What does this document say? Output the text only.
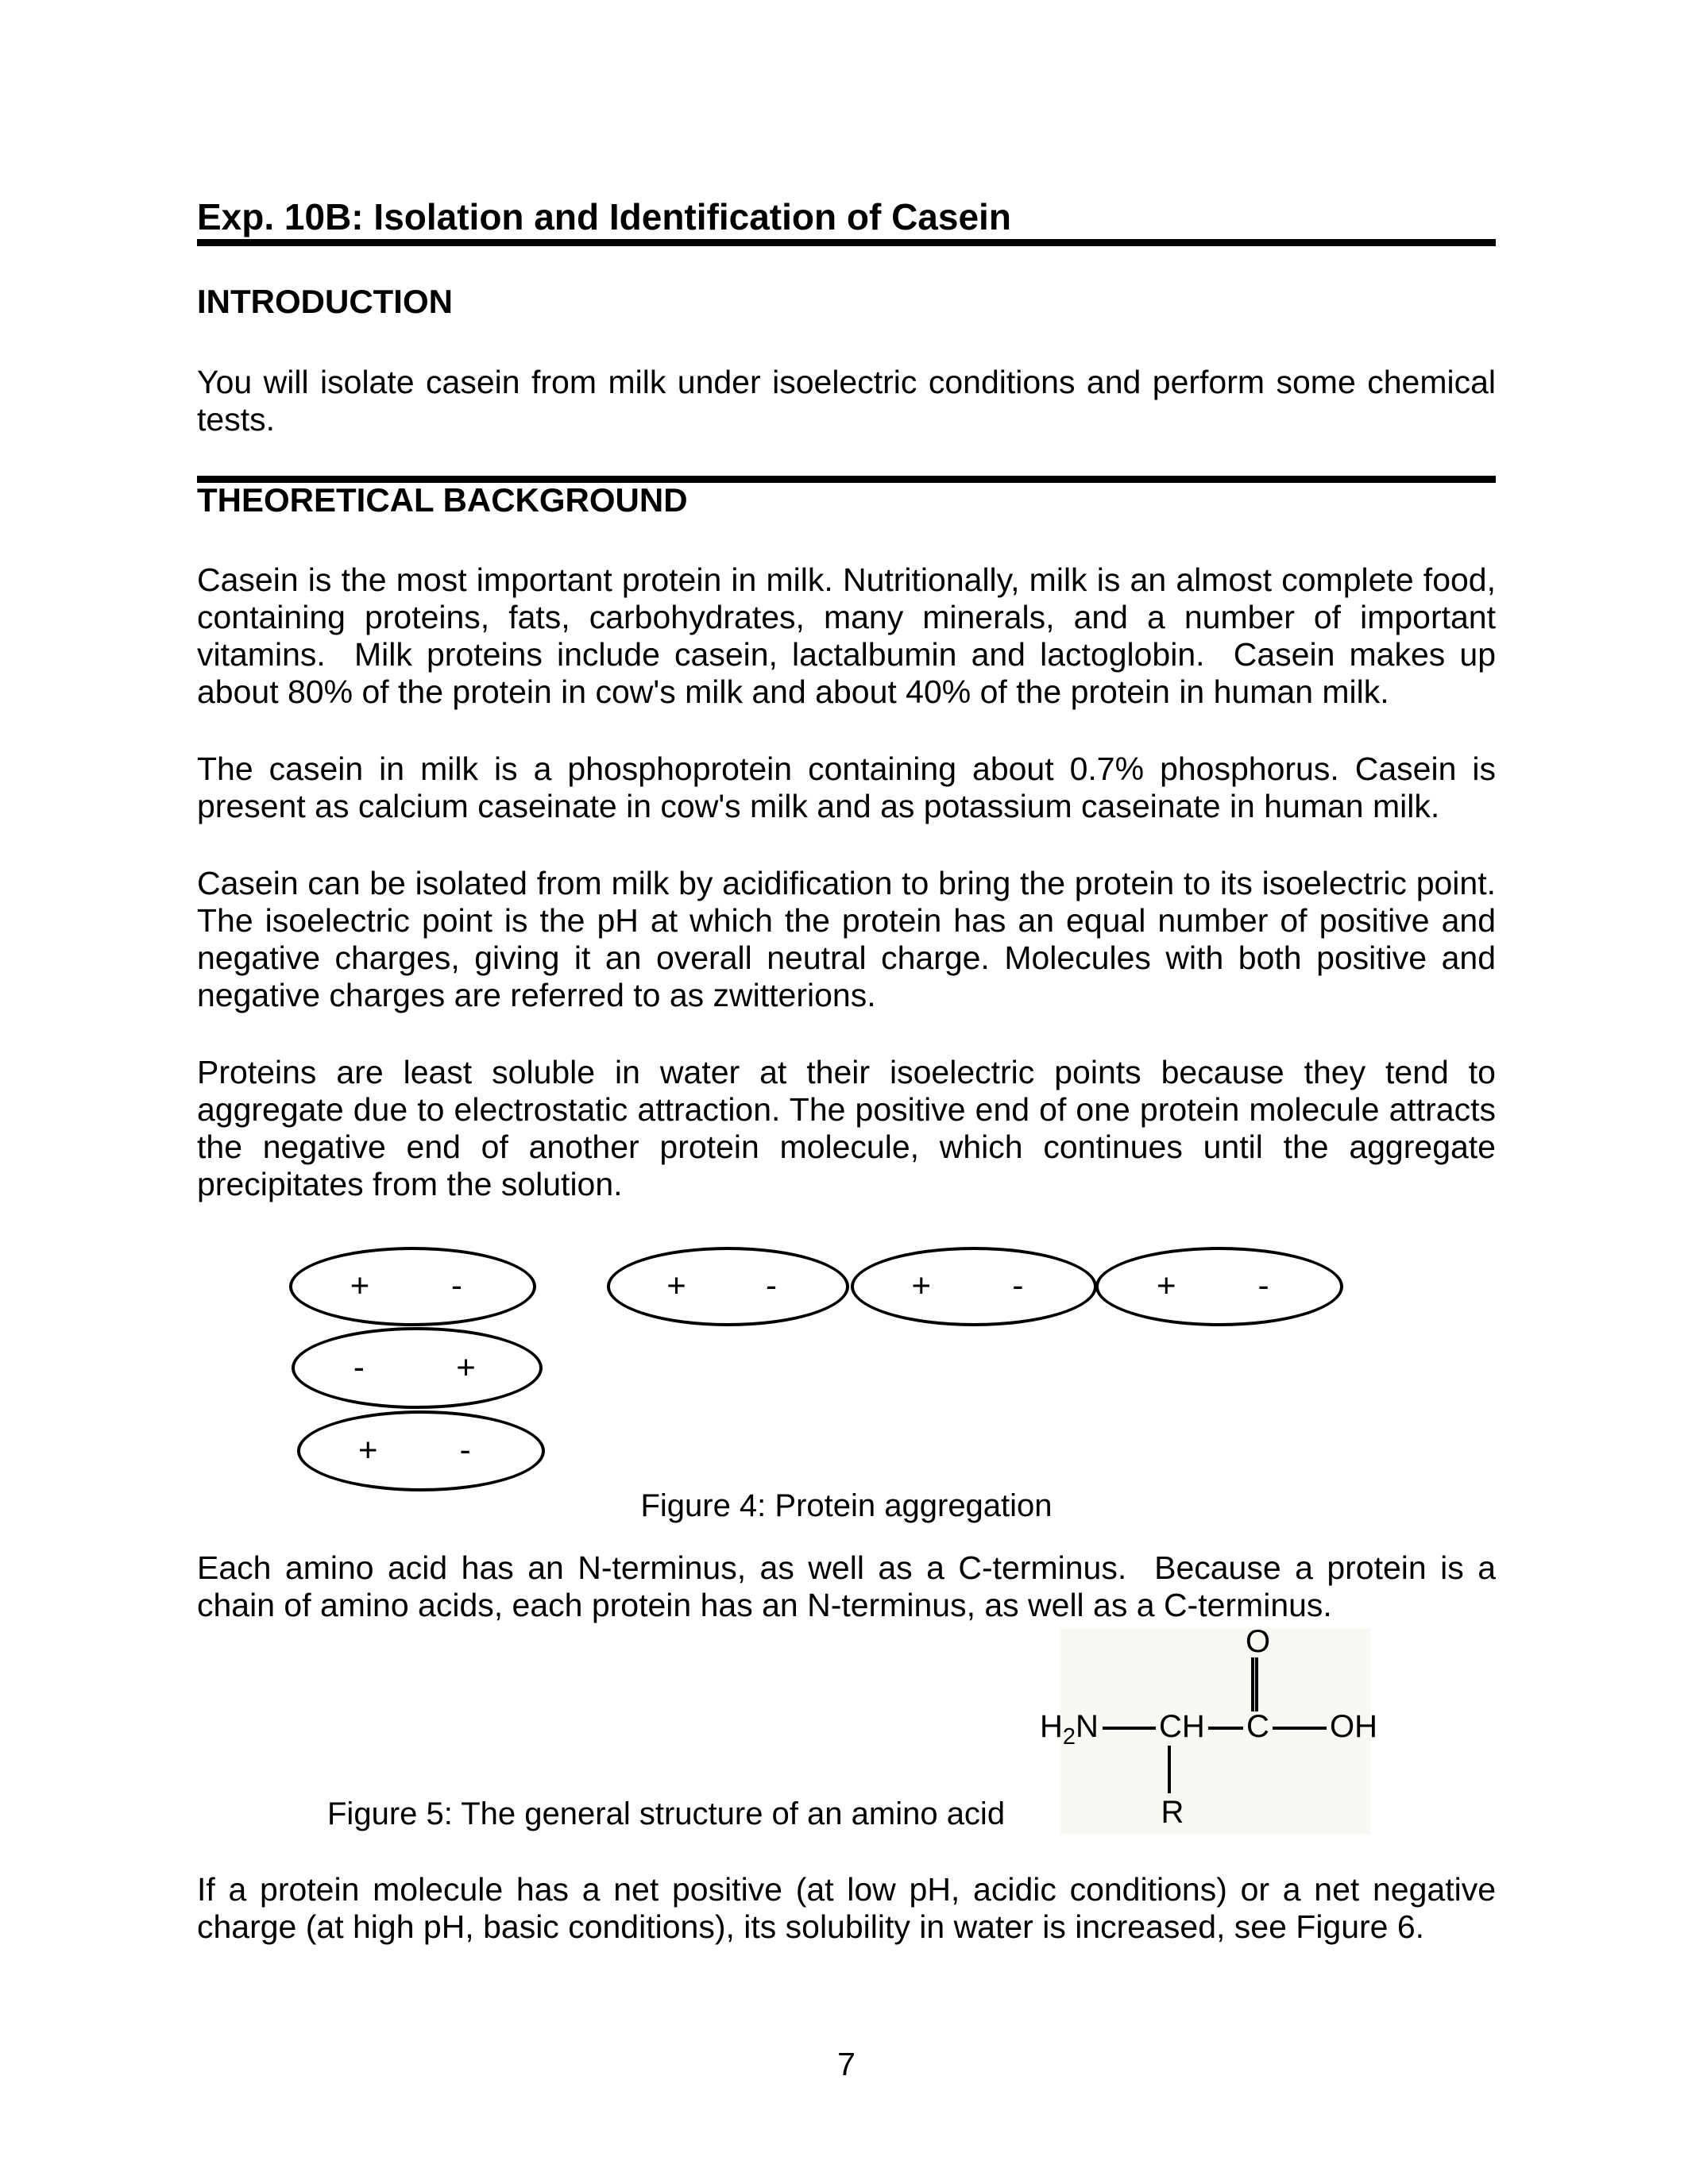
Exp. 10B: Isolation and Identification of Casein
INTRODUCTION
You will isolate casein from milk under isoelectric conditions and perform some chemical tests.
THEORETICAL BACKGROUND
Casein is the most important protein in milk. Nutritionally, milk is an almost complete food, containing proteins, fats, carbohydrates, many minerals, and a number of important vitamins.  Milk proteins include casein, lactalbumin and lactoglobin.  Casein makes up about 80% of the protein in cow's milk and about 40% of the protein in human milk.
The casein in milk is a phosphoprotein containing about 0.7% phosphorus. Casein is present as calcium caseinate in cow's milk and as potassium caseinate in human milk.
Casein can be isolated from milk by acidification to bring the protein to its isoelectric point. The isoelectric point is the pH at which the protein has an equal number of positive and negative charges, giving it an overall neutral charge. Molecules with both positive and negative charges are referred to as zwitterions.
Proteins are least soluble in water at their isoelectric points because they tend to aggregate due to electrostatic attraction. The positive end of one protein molecule attracts the negative end of another protein molecule, which continues until the aggregate precipitates from the solution.
+ -	+ -	+ -	+ -
-	+
+ -
Figure 4: Protein aggregation
Each amino acid has an N-terminus, as well as a C-terminus.  Because a protein is a chain of amino acids, each protein has an N-terminus, as well as a C-terminus.
O
$H_2N$ CH C OH
R
Figure 5: The general structure of an amino acid
If a protein molecule has a net positive (at low pH, acidic conditions) or a net negative charge (at high pH, basic conditions), its solubility in water is increased, see Figure 6.
7
